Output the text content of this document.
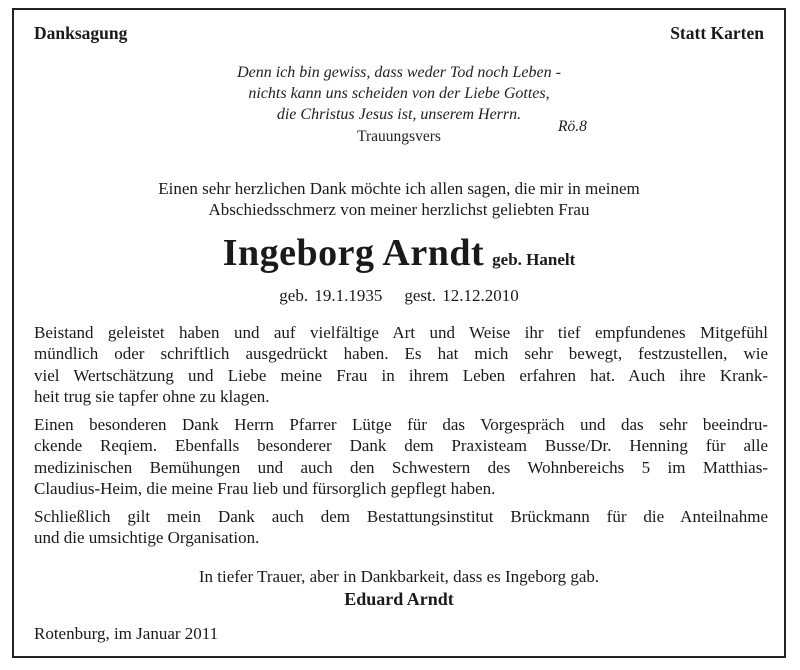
Danksagung	Statt Karten
Denn ich bin gewiss, dass weder Tod noch Leben -
nichts kann uns scheiden von der Liebe Gottes,
die Christus Jesus ist, unserem Herrn.
Rö.8
Trauungsvers
Einen sehr herzlichen Dank möchte ich allen sagen, die mir in meinem
Abschiedsschmerz von meiner herzlichst geliebten Frau
Ingeborg Arndt geb. Hanelt
geb. 19.1.1935 gest. 12.12.2010
Beistand geleistet haben und auf vielfältige Art und Weise ihr tief empfundenes Mitgefühl
mündlich oder schriftlich ausgedrückt haben. Es hat mich sehr bewegt, festzustellen, wie
viel Wertschätzung und Liebe meine Frau in ihrem Leben erfahren hat. Auch ihre Krank-
heit trug sie tapfer ohne zu klagen.
Einen besonderen Dank Herrn Pfarrer Lütge für das Vorgespräch und das sehr beeindru-
ckende Reqiem. Ebenfalls besonderer Dank dem Praxisteam Busse/Dr. Henning für alle
medizinischen Bemühungen und auch den Schwestern des Wohnbereichs 5 im Matthias-
Claudius-Heim, die meine Frau lieb und fürsorglich gepflegt haben.
Schließlich gilt mein Dank auch dem Bestattungsinstitut Brückmann für die Anteilnahme
und die umsichtige Organisation.
In tiefer Trauer, aber in Dankbarkeit, dass es Ingeborg gab.
Eduard Arndt
Rotenburg, im Januar 2011
